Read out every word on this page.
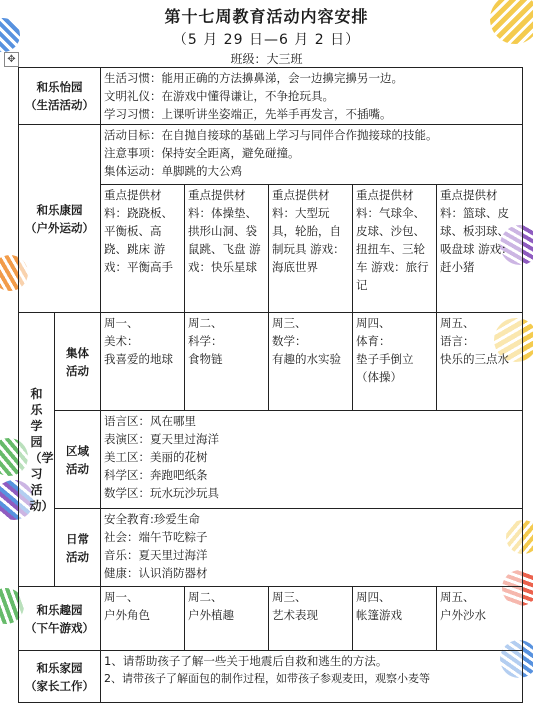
第十七周教育活动内容安排
（5 月 29 日—6 月 2 日）
✥	班级：大三班
和乐怡园
（生活活动）		生活习惯：能用正确的方法擤鼻涕，会一边擤完擤另一边。
文明礼仪：在游戏中懂得谦让，不争抢玩具。
学习习惯：上课听讲坐姿端正，先举手再发言，不插嘴。				

和乐康园
（户外运动）		活动目标：在自抛自接球的基础上学习与同伴合作抛接球的技能。
注意事项：保持安全距离，避免碰撞。
集体运动：单脚跳的大公鸡				

		重点提供材料：跷跷板、平衡板、高跷、跳床 游戏：平衡高手	重点提供材料：体操垫、拱形山洞、袋鼠跳、飞盘 游戏：快乐星球	重点提供材料：大型玩具，轮胎，自制玩具 游戏：海底世界	重点提供材料：气球伞、皮球、沙包、扭扭车、三轮车 游戏：旅行记	重点提供材料：篮球、皮球、板羽球、吸盘球 游戏：赶小猪

和乐学园（学习活动）	集体活动	周一、
美术：
我喜爱的地球	周二、
科学：
食物链	周三、
数学：
有趣的水实验	周四、
体育：
垫子手倒立（体操）	周五、
语言：
快乐的三点水

	区域活动	语言区：风在哪里
表演区：夏天里过海洋
美工区：美丽的花树
科学区：奔跑吧纸条
数学区：玩水玩沙玩具				

	日常活动	安全教育:珍爱生命
社会：端午节吃粽子
音乐：夏天里过海洋
健康：认识消防器材				

和乐趣园
（下午游戏）		周一、
户外角色	周二、
户外植趣	周三、
艺术表现	周四、
帐篷游戏	周五、
户外沙水

和乐家园
（家长工作）		1、请帮助孩子了解一些关于地震后自救和逃生的方法。
2、请带孩子了解面包的制作过程，如带孩子参观麦田，观察小麦等				
